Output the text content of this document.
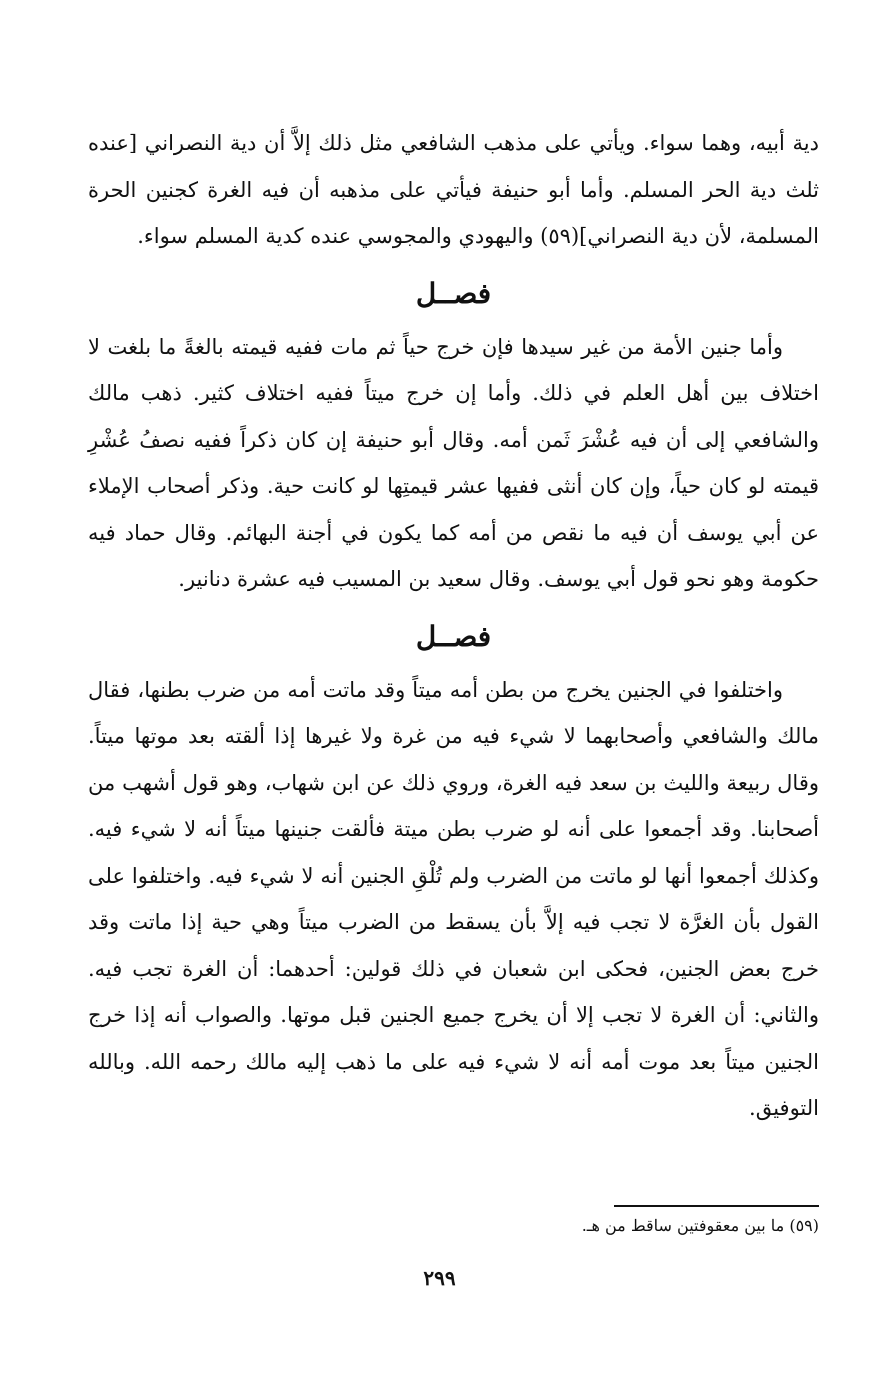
دية أبيه، وهما سواء. ويأتي على مذهب الشافعي مثل ذلك إلاَّ أن دية النصراني [عنده ثلث دية الحر المسلم. وأما أبو حنيفة فيأتي على مذهبه أن فيه الغرة كجنين الحرة المسلمة، لأن دية النصراني](٥٩) واليهودي والمجوسي عنده كدية المسلم سواء.

فصــل

وأما جنين الأمة من غير سيدها فإن خرج حياً ثم مات ففيه قيمته بالغةً ما بلغت لا اختلاف بين أهل العلم في ذلك. وأما إن خرج ميتاً ففيه اختلاف كثير. ذهب مالك والشافعي إلى أن فيه عُشْرَ ثَمن أمه. وقال أبو حنيفة إن كان ذكراً ففيه نصفُ عُشْرِ قيمته لو كان حياً، وإن كان أنثى ففيها عشر قيمتِها لو كانت حية. وذكر أصحاب الإملاء عن أبي يوسف أن فيه ما نقص من أمه كما يكون في أجنة البهائم. وقال حماد فيه حكومة وهو نحو قول أبي يوسف. وقال سعيد بن المسيب فيه عشرة دنانير.

فصــل

واختلفوا في الجنين يخرج من بطن أمه ميتاً وقد ماتت أمه من ضرب بطنها، فقال مالك والشافعي وأصحابهما لا شيء فيه من غرة ولا غيرها إذا ألقته بعد موتها ميتاً. وقال ربيعة والليث بن سعد فيه الغرة، وروي ذلك عن ابن شهاب، وهو قول أشهب من أصحابنا. وقد أجمعوا على أنه لو ضرب بطن ميتة فألقت جنينها ميتاً أنه لا شيء فيه. وكذلك أجمعوا أنها لو ماتت من الضرب ولم تُلْقِ الجنين أنه لا شيء فيه. واختلفوا على القول بأن الغرَّة لا تجب فيه إلاَّ بأن يسقط من الضرب ميتاً وهي حية إذا ماتت وقد خرج بعض الجنين، فحكى ابن شعبان في ذلك قولين: أحدهما: أن الغرة تجب فيه. والثاني: أن الغرة لا تجب إلا أن يخرج جميع الجنين قبل موتها. والصواب أنه إذا خرج الجنين ميتاً بعد موت أمه أنه لا شيء فيه على ما ذهب إليه مالك رحمه الله. وبالله التوفيق.

(٥٩) ما بين معقوفتين ساقط من هـ.

٢٩٩
